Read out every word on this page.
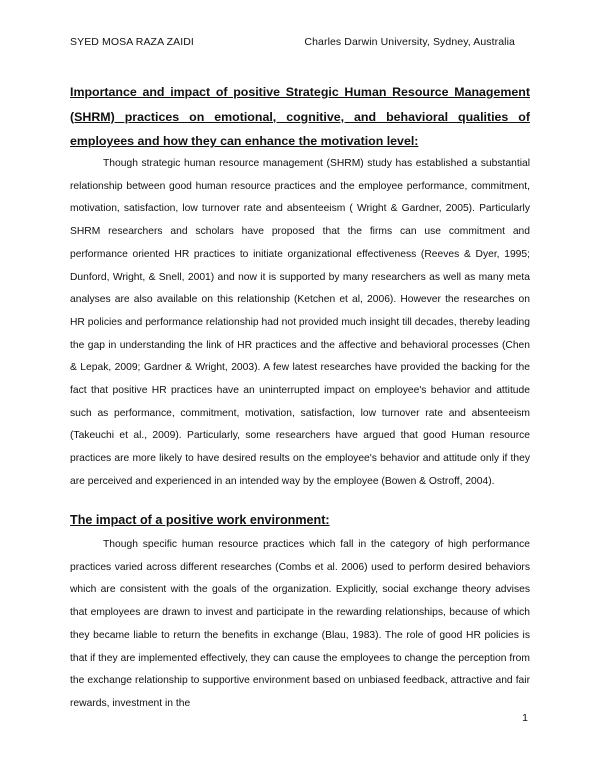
SYED MOSA RAZA ZAIDI	Charles Darwin University, Sydney, Australia
Importance and impact of positive Strategic Human Resource Management (SHRM) practices on emotional, cognitive, and behavioral qualities of employees and how they can enhance the motivation level:

Though strategic human resource management (SHRM) study has established a substantial relationship between good human resource practices and the employee performance, commitment, motivation, satisfaction, low turnover rate and absenteeism ( Wright & Gardner, 2005). Particularly SHRM researchers and scholars have proposed that the firms can use commitment and performance oriented HR practices to initiate organizational effectiveness (Reeves & Dyer, 1995; Dunford, Wright, & Snell, 2001) and now it is supported by many researchers as well as many meta analyses are also available on this relationship (Ketchen et al, 2006). However the researches on HR policies and performance relationship had not provided much insight till decades, thereby leading the gap in understanding the link of HR practices and the affective and behavioral processes (Chen & Lepak, 2009; Gardner & Wright, 2003). A few latest researches have provided the backing for the fact that positive HR practices have an uninterrupted impact on employee's behavior and attitude such as performance, commitment, motivation, satisfaction, low turnover rate and absenteeism (Takeuchi et al., 2009). Particularly, some researchers have argued that good Human resource practices are more likely to have desired results on the employee's behavior and attitude only if they are perceived and experienced in an intended way by the employee (Bowen & Ostroff, 2004).

The impact of a positive work environment:

Though specific human resource practices which fall in the category of high performance practices varied across different researches (Combs et al. 2006) used to perform desired behaviors which are consistent with the goals of the organization. Explicitly, social exchange theory advises that employees are drawn to invest and participate in the rewarding relationships, because of which they became liable to return the benefits in exchange (Blau, 1983). The role of good HR policies is that if they are implemented effectively, they can cause the employees to change the perception from the exchange relationship to supportive environment based on unbiased feedback, attractive and fair rewards, investment in the

1
